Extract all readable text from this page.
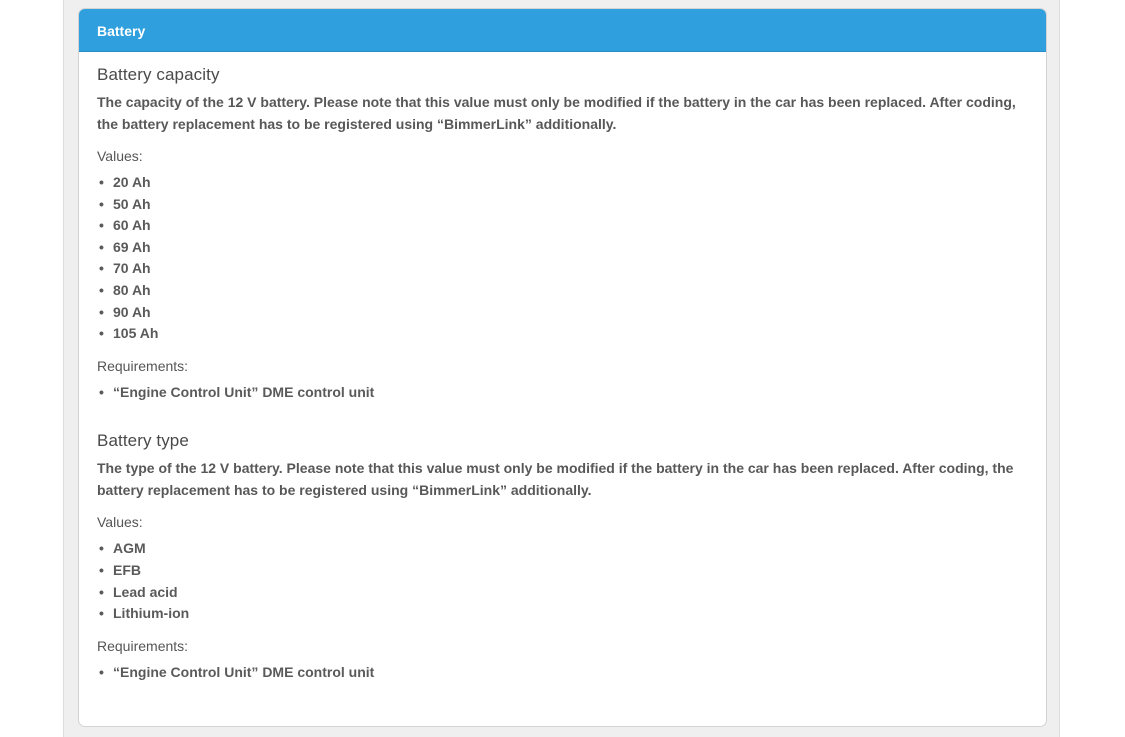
Battery
Battery capacity

The capacity of the 12 V battery. Please note that this value must only be modified if the battery in the car has been replaced. After coding, the battery replacement has to be registered using “BimmerLink” additionally.

Values:
• 20 Ah
• 50 Ah
• 60 Ah
• 69 Ah
• 70 Ah
• 80 Ah
• 90 Ah
• 105 Ah
Requirements:
• “Engine Control Unit” DME control unit
Battery type

The type of the 12 V battery. Please note that this value must only be modified if the battery in the car has been replaced. After coding, the battery replacement has to be registered using “BimmerLink” additionally.

Values:
• AGM
• EFB
• Lead acid
• Lithium-ion
Requirements:
• “Engine Control Unit” DME control unit
